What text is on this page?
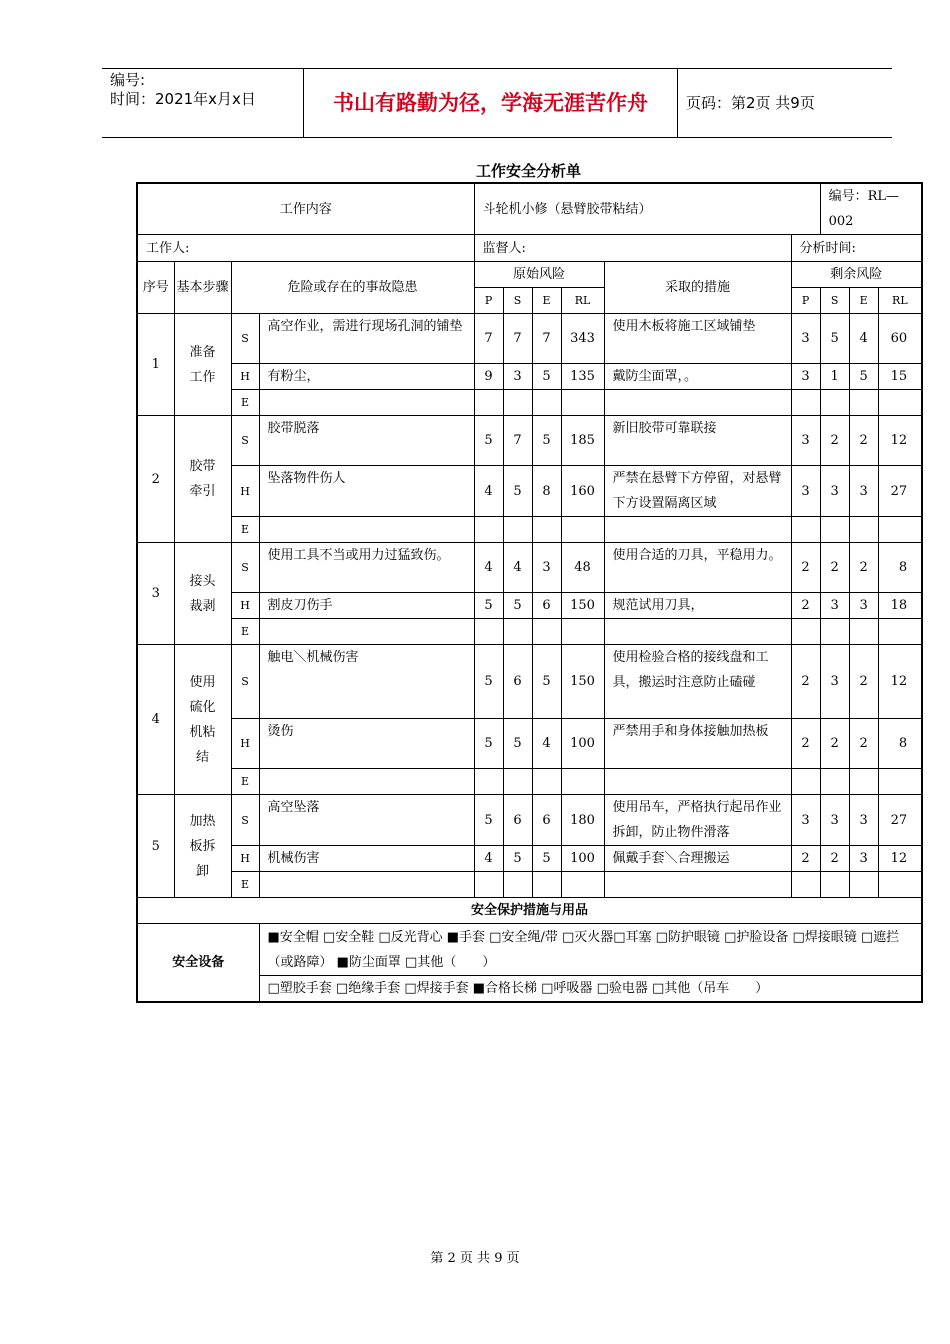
编号:
时间：2021年x月x日	书山有路勤为径，学海无涯苦作舟	页码：第2页 共9页
工作安全分析单
工作内容				斗轮机小修（悬臂胶带粘结）						编号：RL—002		
工作人:				监督人:					分析时间:			
序号	基本步骤	危险或存在的事故隐患		原始风险				采取的措施	剩余风险			
				P	S	E	RL		P	S	E	RL
1	准备工作	S	高空作业，需进行现场孔洞的铺垫	7	7	7	343	使用木板将施工区域铺垫	3	5	4	60
		H	有粉尘，	9	3	5	135	戴防尘面罩，。	3	1	5	15
		E										
2	胶带牵引	S	胶带脱落	5	7	5	185	新旧胶带可靠联接	3	2	2	12
		H	坠落物件伤人	4	5	8	160	严禁在悬臂下方停留，对悬臂下方设置隔离区域	3	3	3	27
		E										
3	接头裁剥	S	使用工具不当或用力过猛致伤。	4	4	3	48	使用合适的刀具，平稳用力。	2	2	2	8
		H	割皮刀伤手	5	5	6	150	规范试用刀具，	2	3	3	18
		E										
4	使用硫化机粘结	S	触电＼机械伤害	5	6	5	150	使用检验合格的接线盘和工具，搬运时注意防止磕碰	2	3	2	12
		H	烫伤	5	5	4	100	严禁用手和身体接触加热板	2	2	2	8
		E										
5	加热板拆卸	S	高空坠落	5	6	6	180	使用吊车，严格执行起吊作业拆卸，防止物件滑落	3	3	3	27
		H	机械伤害	4	5	5	100	佩戴手套＼合理搬运	2	2	3	12
		E										
安全保护措施与用品												
安全设备			■安全帽 □安全鞋 □反光背心 ■手套 □安全绳/带 □灭火器□耳塞 □防护眼镜 □护脸设备 □焊接眼镜 □遮拦（或路障） ■防尘面罩 □其他（　　）									
			□塑胶手套 □绝缘手套 □焊接手套 ■合格长梯 □呼吸器 □验电器 □其他（吊车　　）									
第 2 页 共 9 页
